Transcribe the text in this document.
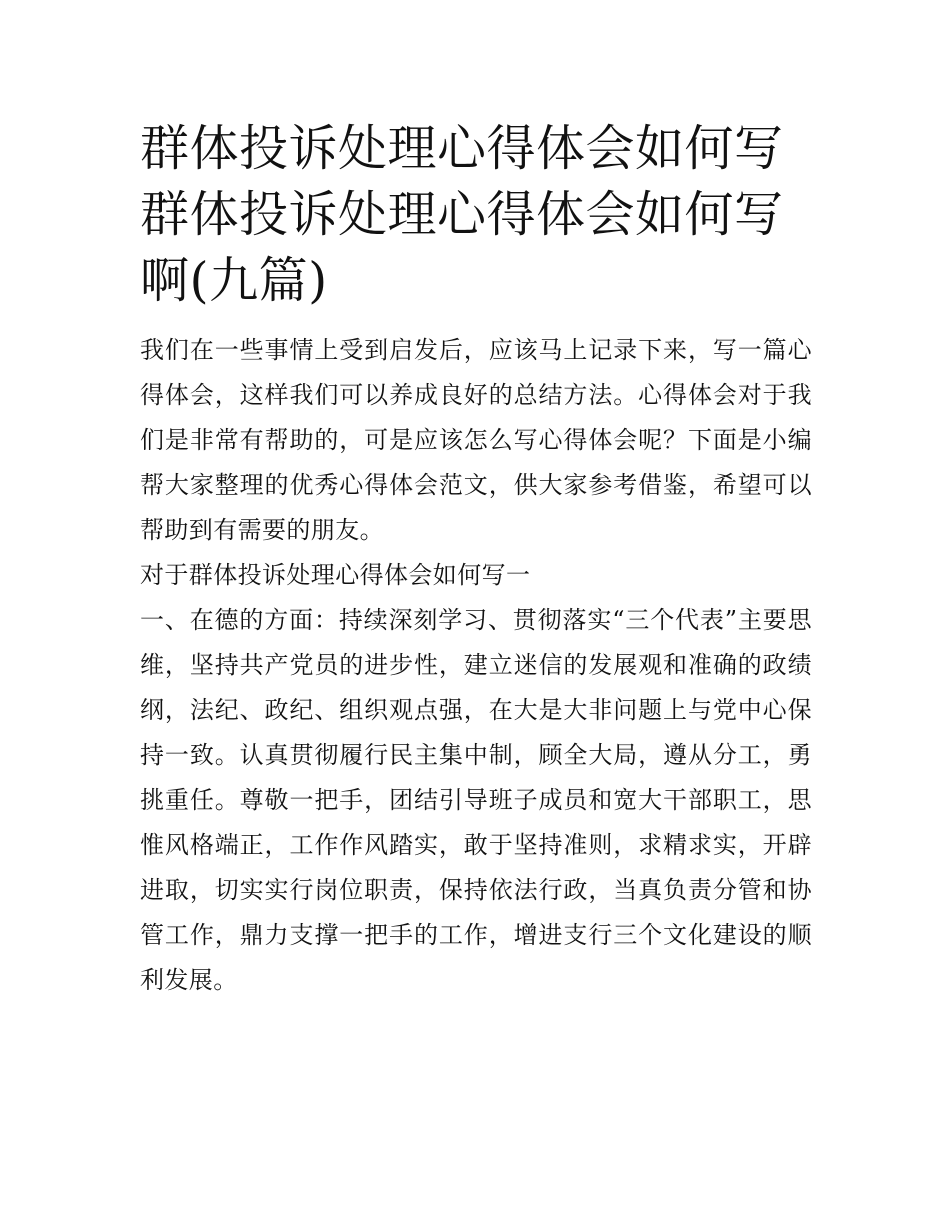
群体投诉处理心得体会如何写 群体投诉处理心得体会如何写啊(九篇)

我们在一些事情上受到启发后，应该马上记录下来，写一篇心得体会，这样我们可以养成良好的总结方法。心得体会对于我们是非常有帮助的，可是应该怎么写心得体会呢？下面是小编帮大家整理的优秀心得体会范文，供大家参考借鉴，希望可以帮助到有需要的朋友。

对于群体投诉处理心得体会如何写一

一、在德的方面：持续深刻学习、贯彻落实“三个代表”主要思维，坚持共产党员的进步性，建立迷信的发展观和准确的政绩纲，法纪、政纪、组织观点强，在大是大非问题上与党中心保持一致。认真贯彻履行民主集中制，顾全大局，遵从分工，勇挑重任。尊敬一把手，团结引导班子成员和宽大干部职工，思惟风格端正，工作作风踏实，敢于坚持准则，求精求实，开辟进取，切实实行岗位职责，保持依法行政，当真负责分管和协管工作，鼎力支撑一把手的工作，增进支行三个文化建设的顺利发展。
